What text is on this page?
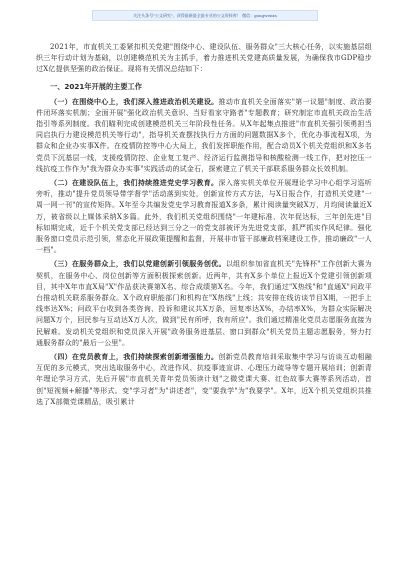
关注头条号"公文研究"，获得最新最全最专业的公文资料库！ 微信：gongwenxs

2021年，市直机关工委紧扣机关党建"围绕中心、建设队伍、服务群众"三大核心任务，以实施基层组织三年行动计划为基础，以创建模范机关为主抓手，着力推进机关党建高质量发展，为确保我市GDP稳步过X亿提供坚强的政治保证。现将有关情况总结如下：

一、2021年开展的主要工作

（一）在围绕中心上，我们深入推进政治机关建设。推动市直机关全面落实"第一议题"制度、政治要件闭环落实机制；全面开展"强化政治机关意识、当好看家守路者"专题教育；研究制定市直机关政治生活指引等系列制度。我们瞄利完成创建模范机关三年阶段性任务。从X年起集点推进"市直机关强引领勇担当同启执行力建设模范机关等行动"，指导机关查摆找执行力方面的问题数据X多个，优化办事流程X项，为群众和企业办实事X件。在疫情防控等中心大局上，我们发挥职能作用，配合动员X个机关党组织和X多名党员下沉基层一线，支援疫情防控、企业复工复产、经济运行监测指导和核酸检测一线工作，把对挖压一线抗疫工作作为"我为群众办实事"实践活动的试金石，探索建立了机关干部联系服务群众长效机制。

（二）在建设队伍上，我们持续推进党史学习教育。深入落实机关单位开展理论学习中心组学习巡听旁听，推动"提升党员领导带学督学"活动落到实处，创新宣传方式方法，与X日报合作，打造机关党建"一周一网一刊"的宣传矩阵。X年至今共编发党史学习教育报道X多条，累计阅读量突破X万，月均阅读量近X万，被省级以上媒体采纳X多篇。此外，我们机关党组织围绕"一年建标准、次年促达标，三年创先进"目标如期完成，近千个机关党支部已经达到三分之一的党支部被评为先进党支部，抓严抓实作风纪律。强化服务窗口党员示范引领，常态化开展政策提醒和监督，开展非市管干部廉政档案建设工作，推动廉政"一人一档"。

（三）在服务群众上，我们以党建创新引领服务创优。以组织参加省直机关"先锋杯"工作创新大赛为契机，在服务中心、岗位创新等方面积极探索创新。近两年，共有X多个单位上报近X个党建引领创新项目，其中X年市直X局"X"作品获决赛第X名、综合成绩第X名。今年，我们通过"X热线"和"直通X"问政平台推动机关联系服务群众。X个政府职能部门和机构在"X热线"上线；共安排在线访谈节目X期，一把手上线率达X%；问政平台收到各类咨询、投诉和建议共X万条，回复率达X%，办结率X%，为群众实际解决问题X万个，回民参与互动达X万人次，做到"民有所呼，我有所应"。我们通过精准化党员志愿服务直接为民解难。发动机关党组织和党员深入开展"政务服务进基层、窗口到群众"机关党员主题志愿服务，努力打通服务群众的"最后一公里"。

（四）在党员教育上，我们持续探索创新增强能力。创新党员教育培训采取集中学习与访谈互动相融互促的多元模式，突出选取服务中心，改进作风、抗疫事迹宣讲、心理压力疏导等专题开展培训；创新青年理论学习方式，先后开展"市直机关青年党员领读计划"之微党课大赛、红色故事大赛等系列活动，首创"短视频+解播"等形式。变"学习者"为"讲述者"，变"要我学"为"我要学"。X年，近X个机关党组织共推选了X部微党课精品，吸引累计
